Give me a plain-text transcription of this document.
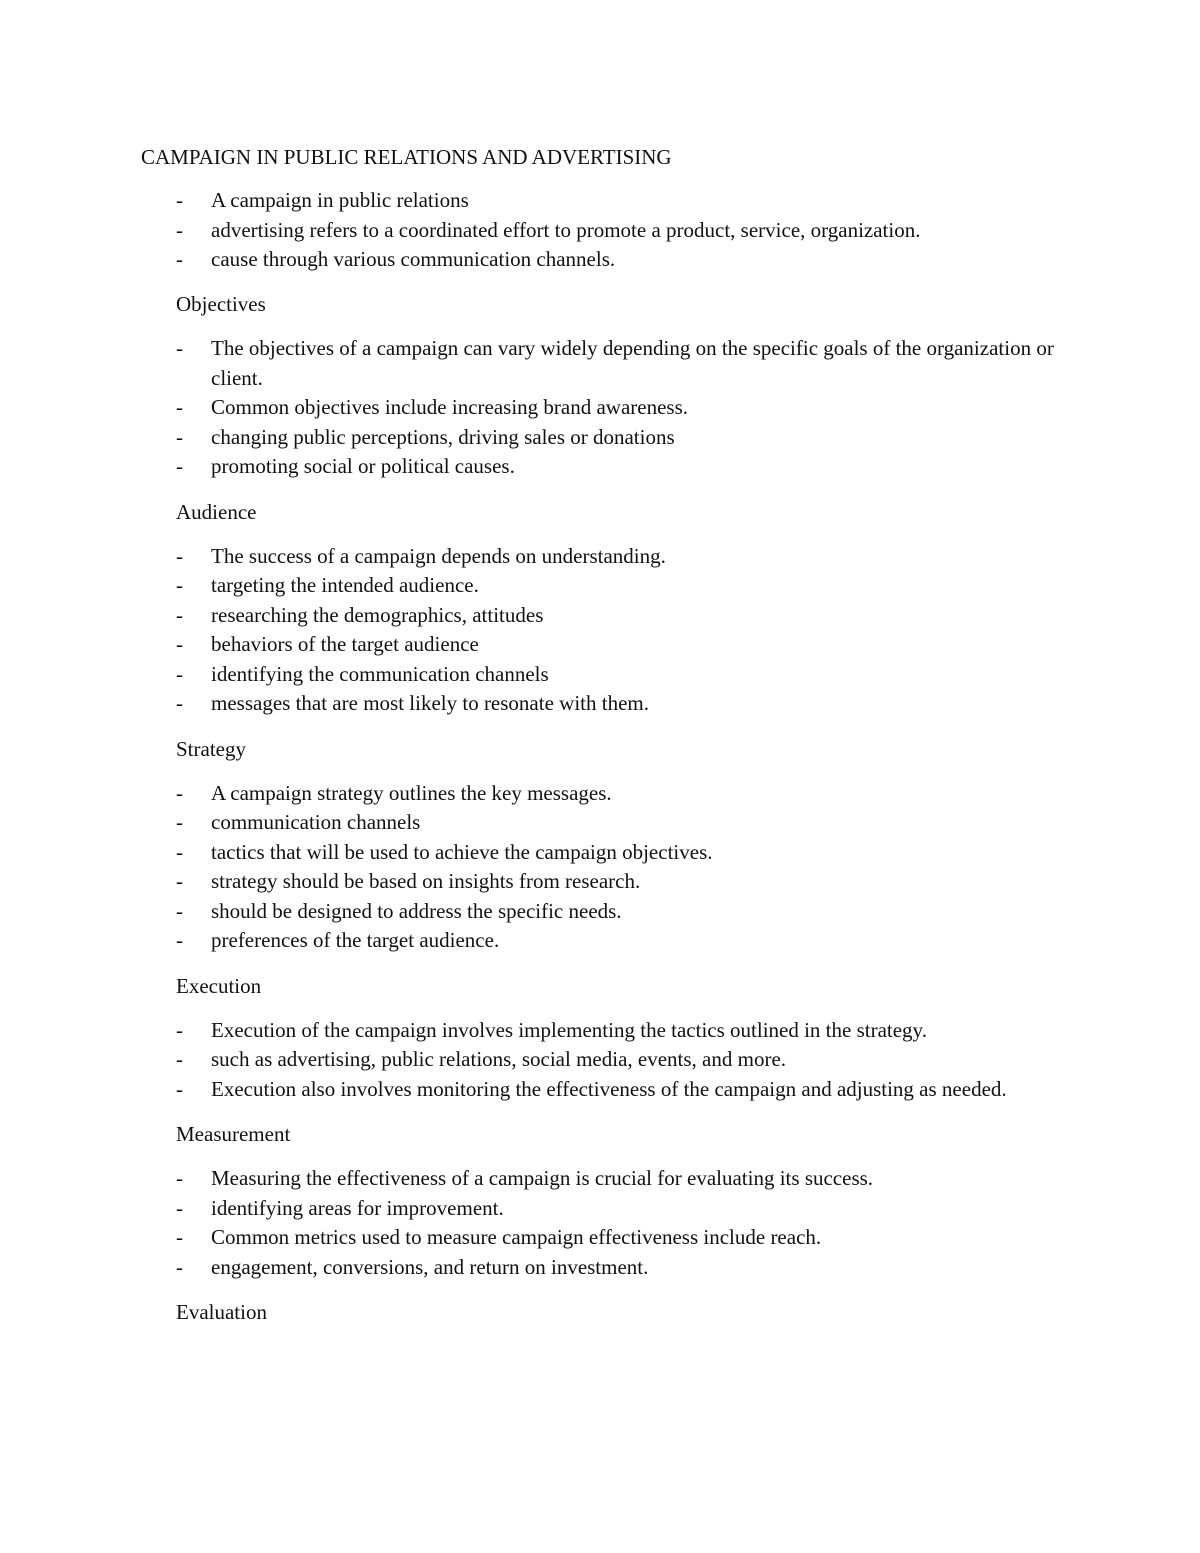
CAMPAIGN IN PUBLIC RELATIONS AND ADVERTISING
-	A campaign in public relations
-	advertising refers to a coordinated effort to promote a product, service, organization.
-	cause through various communication channels.
Objectives
-	The objectives of a campaign can vary widely depending on the specific goals of the organization or client.
-	Common objectives include increasing brand awareness.
-	changing public perceptions, driving sales or donations
-	promoting social or political causes.
Audience
-	The success of a campaign depends on understanding.
-	targeting the intended audience.
-	researching the demographics, attitudes
-	behaviors of the target audience
-	identifying the communication channels
-	messages that are most likely to resonate with them.
Strategy
-	A campaign strategy outlines the key messages.
-	communication channels
-	tactics that will be used to achieve the campaign objectives.
-	strategy should be based on insights from research.
-	should be designed to address the specific needs.
-	preferences of the target audience.
Execution
-	Execution of the campaign involves implementing the tactics outlined in the strategy.
-	such as advertising, public relations, social media, events, and more.
-	Execution also involves monitoring the effectiveness of the campaign and adjusting as needed.
Measurement
-	Measuring the effectiveness of a campaign is crucial for evaluating its success.
-	identifying areas for improvement.
-	Common metrics used to measure campaign effectiveness include reach.
-	engagement, conversions, and return on investment.
Evaluation
